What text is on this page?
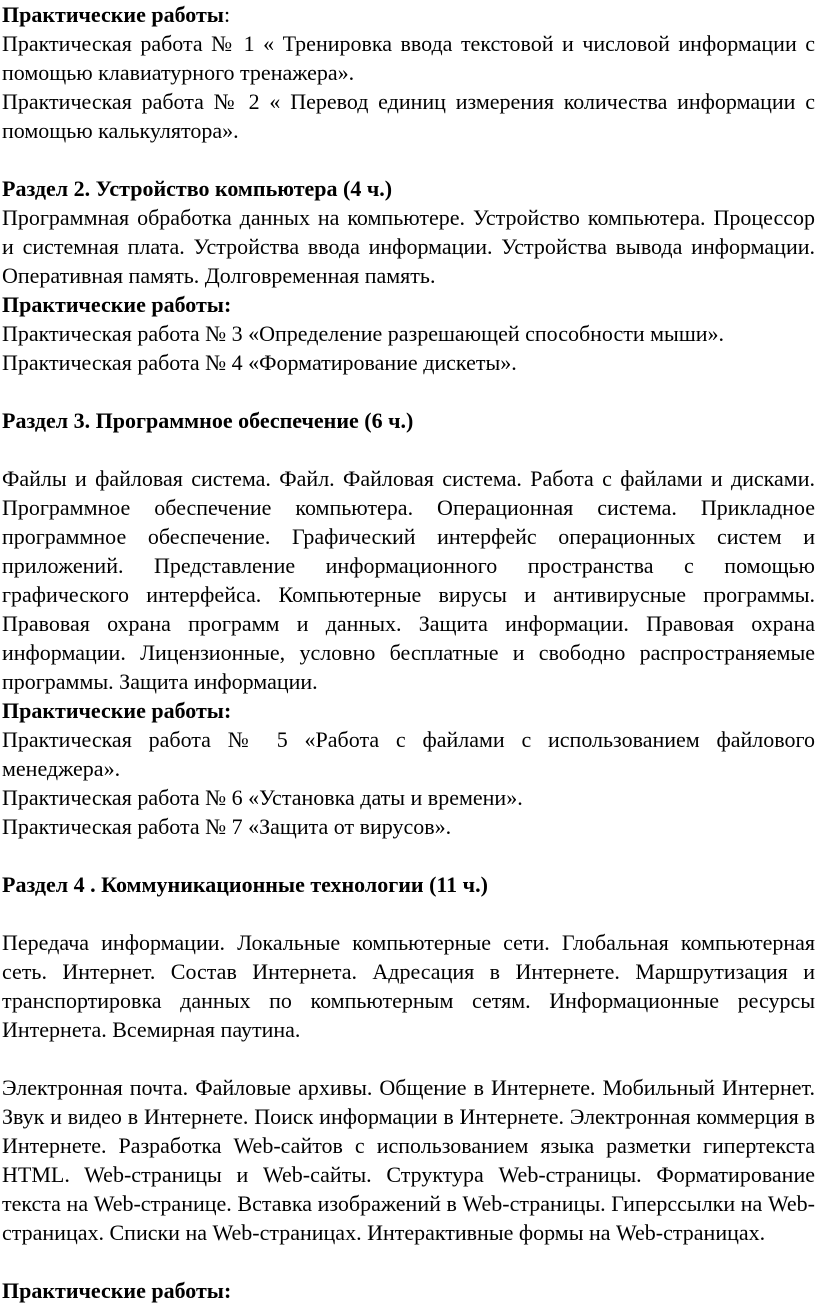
Практические работы:

Практическая работа № 1 « Тренировка ввода текстовой и числовой информации с помощью клавиатурного тренажера».

Практическая работа № 2 « Перевод единиц измерения количества информации с помощью калькулятора».

Раздел 2. Устройство компьютера (4 ч.)

Программная обработка данных на компьютере. Устройство компьютера. Процессор и системная плата. Устройства ввода информации. Устройства вывода информации. Оперативная память. Долговременная память.

Практические работы:

Практическая работа № 3 «Определение разрешающей способности мыши».

Практическая работа № 4 «Форматирование дискеты».

Раздел 3. Программное обеспечение (6 ч.)

Файлы и файловая система. Файл. Файловая система. Работа с файлами и дисками. Программное обеспечение компьютера. Операционная система. Прикладное программное обеспечение. Графический интерфейс операционных систем и приложений. Представление информационного пространства с помощью графического интерфейса. Компьютерные вирусы и антивирусные программы. Правовая охрана программ и данных. Защита информации. Правовая охрана информации. Лицензионные, условно бесплатные и свободно распространяемые программы. Защита информации.

Практические работы:

Практическая работа № 5 «Работа с файлами с использованием файлового менеджера».

Практическая работа № 6 «Установка даты и времени».

Практическая работа № 7 «Защита от вирусов».

Раздел 4 . Коммуникационные технологии (11 ч.)

Передача информации. Локальные компьютерные сети. Глобальная компьютерная сеть. Интернет. Состав Интернета. Адресация в Интернете. Маршрутизация и транспортировка данных по компьютерным сетям. Информационные ресурсы Интернета. Всемирная паутина.

Электронная почта. Файловые архивы. Общение в Интернете. Мобильный Интернет. Звук и видео в Интернете. Поиск информации в Интернете. Электронная коммерция в Интернете. Разработка Web-сайтов с использованием языка разметки гипертекста HTML. Web-страницы и Web-сайты. Структура Web-страницы. Форматирование текста на Web-странице. Вставка изображений в Web-страницы. Гиперссылки на Web-страницах. Списки на Web-страницах. Интерактивные формы на Web-страницах.

Практические работы:
